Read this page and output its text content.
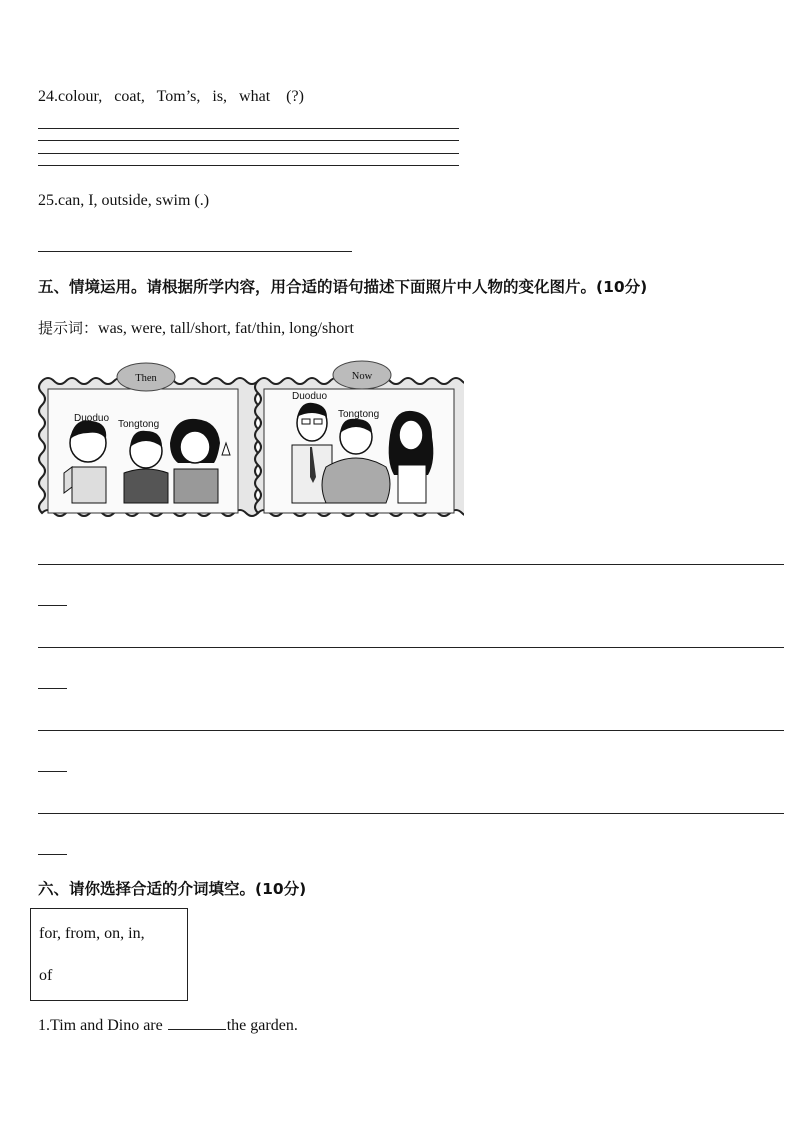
24.colour,   coat,   Tom’s,   is,   what    (?)
25.can, I, outside, swim (.)
五、情境运用。请根据所学内容，用合适的语句描述下面照片中人物的变化图片。(10分)
提示词：was, were, tall/short, fat/thin, long/short
Then
Duoduo
Tongtong
Now
Duoduo
Tongtong
六、请你选择合适的介词填空。(10分)
for, from, on, in,
of
1.Tim and Dino are	the garden.
